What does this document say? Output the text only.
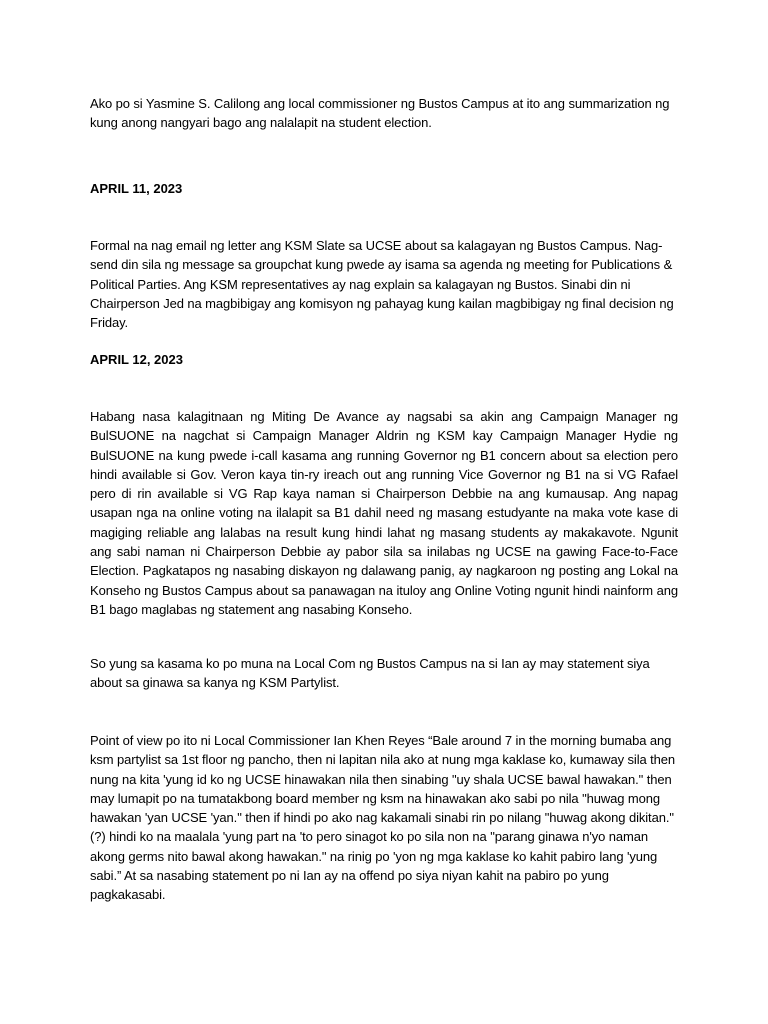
Ako po si Yasmine S. Calilong ang local commissioner ng Bustos Campus at ito ang summarization ng kung anong nangyari bago ang nalalapit na student election.

APRIL 11, 2023

Formal na nag email ng letter ang KSM Slate sa UCSE about sa kalagayan ng Bustos Campus. Nag-send din sila ng message sa groupchat kung pwede ay isama sa agenda ng meeting for Publications & Political Parties. Ang KSM representatives ay nag explain sa kalagayan ng Bustos. Sinabi din ni Chairperson Jed na magbibigay ang komisyon ng pahayag kung kailan magbibigay ng final decision ng Friday.

APRIL 12, 2023

Habang nasa kalagitnaan ng Miting De Avance ay nagsabi sa akin ang Campaign Manager ng BulSUONE na nagchat si Campaign Manager Aldrin ng KSM kay Campaign Manager Hydie ng BulSUONE na kung pwede i-call kasama ang running Governor ng B1 concern about sa election pero hindi available si Gov. Veron kaya tin-ry ireach out ang running Vice Governor ng B1 na si VG Rafael pero di rin available si VG Rap kaya naman si Chairperson Debbie na ang kumausap. Ang napag usapan nga na online voting na ilalapit sa B1 dahil need ng masang estudyante na maka vote kase di magiging reliable ang lalabas na result kung hindi lahat ng masang students ay makakavote. Ngunit ang sabi naman ni Chairperson Debbie ay pabor sila sa inilabas ng UCSE na gawing Face-to-Face Election. Pagkatapos ng nasabing diskayon ng dalawang panig, ay nagkaroon ng posting ang Lokal na Konseho ng Bustos Campus about sa panawagan na ituloy ang Online Voting ngunit hindi nainform ang B1 bago maglabas ng statement ang nasabing Konseho.

So yung sa kasama ko po muna na Local Com ng Bustos Campus na si Ian ay may statement siya about sa ginawa sa kanya ng KSM Partylist.

Point of view po ito ni Local Commissioner Ian Khen Reyes “Bale around 7 in the morning bumaba ang ksm partylist sa 1st floor ng pancho, then ni lapitan nila ako at nung mga kaklase ko, kumaway sila then nung na kita 'yung id ko ng UCSE hinawakan nila then sinabing "uy shala UCSE bawal hawakan." then may lumapit po na tumatakbong board member ng ksm na hinawakan ako sabi po nila "huwag mong hawakan 'yan UCSE 'yan." then if hindi po ako nag kakamali sinabi rin po nilang "huwag akong dikitan." (?) hindi ko na maalala 'yung part na 'to pero sinagot ko po sila non na "parang ginawa n'yo naman akong germs nito bawal akong hawakan." na rinig po 'yon ng mga kaklase ko kahit pabiro lang 'yung sabi.” At sa nasabing statement po ni Ian ay na offend po siya niyan kahit na pabiro po yung pagkakasabi.
